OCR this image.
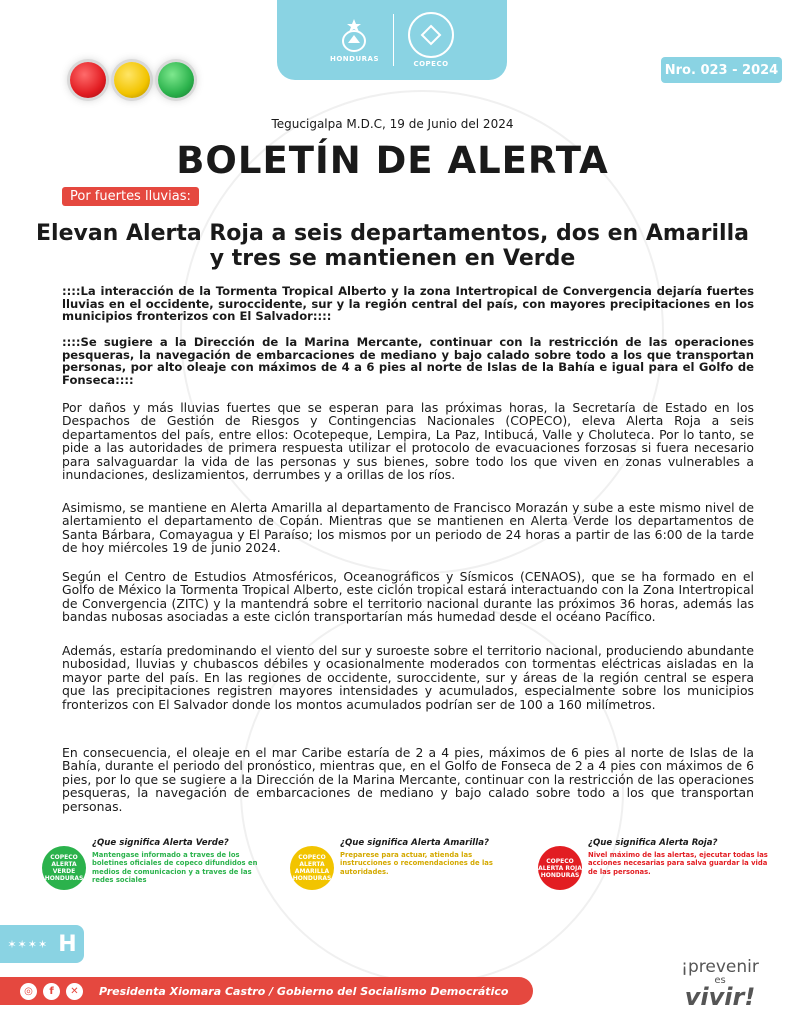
HONDURAS
COPECO	Nro. 023 - 2024
Tegucigalpa M.D.C, 19 de Junio del 2024
BOLETÍN DE ALERTA
Por fuertes lluvias:
Elevan Alerta Roja a seis departamentos, dos en Amarilla y tres se mantienen en Verde
::::La interacción de la Tormenta Tropical Alberto y la zona Intertropical de Convergencia dejaría fuertes lluvias en el occidente, suroccidente, sur y la región central del país, con mayores precipitaciones en los municipios fronterizos con El Salvador::::
::::Se sugiere a la Dirección de la Marina Mercante, continuar con la restricción de las operaciones pesqueras, la navegación de embarcaciones de mediano y bajo calado sobre todo a los que transportan personas, por alto oleaje con máximos de 4 a 6 pies al norte de Islas de la Bahía e igual para el Golfo de Fonseca::::
Por daños y más lluvias fuertes que se esperan para las próximas horas, la Secretaría de Estado en los Despachos de Gestión de Riesgos y Contingencias Nacionales (COPECO), eleva Alerta Roja a seis departamentos del país, entre ellos: Ocotepeque, Lempira, La Paz, Intibucá, Valle y Choluteca. Por lo tanto, se pide a las autoridades de primera respuesta utilizar el protocolo de evacuaciones forzosas si fuera necesario para salvaguardar la vida de las personas y sus bienes, sobre todo los que viven en zonas vulnerables a inundaciones, deslizamientos, derrumbes y a orillas de los ríos.
Asimismo, se mantiene en Alerta Amarilla al departamento de Francisco Morazán y sube a este mismo nivel de alertamiento el departamento de Copán. Mientras que se mantienen en Alerta Verde los departamentos de Santa Bárbara, Comayagua y El Paraíso; los mismos por un periodo de 24 horas a partir de las 6:00 de la tarde de hoy miércoles 19 de junio 2024.
Según el Centro de Estudios Atmosféricos, Oceanográficos y Sísmicos (CENAOS), que se ha formado en el Golfo de México la Tormenta Tropical Alberto, este ciclón tropical estará interactuando con la Zona Intertropical de Convergencia (ZITC) y la mantendrá sobre el territorio nacional durante las próximos 36 horas, además las bandas nubosas asociadas a este ciclón transportarían más humedad desde el océano Pacífico.
Además, estaría predominando el viento del sur y suroeste sobre el territorio nacional, produciendo abundante nubosidad, lluvias y chubascos débiles y ocasionalmente moderados con tormentas eléctricas aisladas en la mayor parte del país. En las regiones de occidente, suroccidente, sur y áreas de la región central se espera que las precipitaciones registren mayores intensidades y acumulados, especialmente sobre los municipios fronterizos con El Salvador donde los montos acumulados podrían ser de 100 a 160 milímetros.
En consecuencia, el oleaje en el mar Caribe estaría de 2 a 4 pies, máximos de 6 pies al norte de Islas de la Bahía, durante el periodo del pronóstico, mientras que, en el Golfo de Fonseca de 2 a 4 pies con máximos de 6 pies, por lo que se sugiere a la Dirección de la Marina Mercante, continuar con la restricción de las operaciones pesqueras, la navegación de embarcaciones de mediano y bajo calado sobre todo a los que transportan personas.
COPECO ALERTA VERDE HONDURAS
¿Que significa Alerta Verde?
Mantengase informado a traves de los boletines oficiales de copeco difundidos en medios de comunicacion y a traves de las redes sociales
COPECO ALERTA AMARILLA HONDURAS
¿Que significa Alerta Amarilla?
Preparese para actuar, atienda las instrucciones o recomendaciones de las autoridades.
COPECO ALERTA ROJA HONDURAS
¿Que significa Alerta Roja?
Nivel máximo de las alertas, ejecutar todas las acciones necesarias para salva guardar la vida de las personas.
✶✶✶✶ H
◎	f	✕	Presidenta Xiomara Castro / Gobierno del Socialismo Democrático
¡prevenir
es
vivir!
